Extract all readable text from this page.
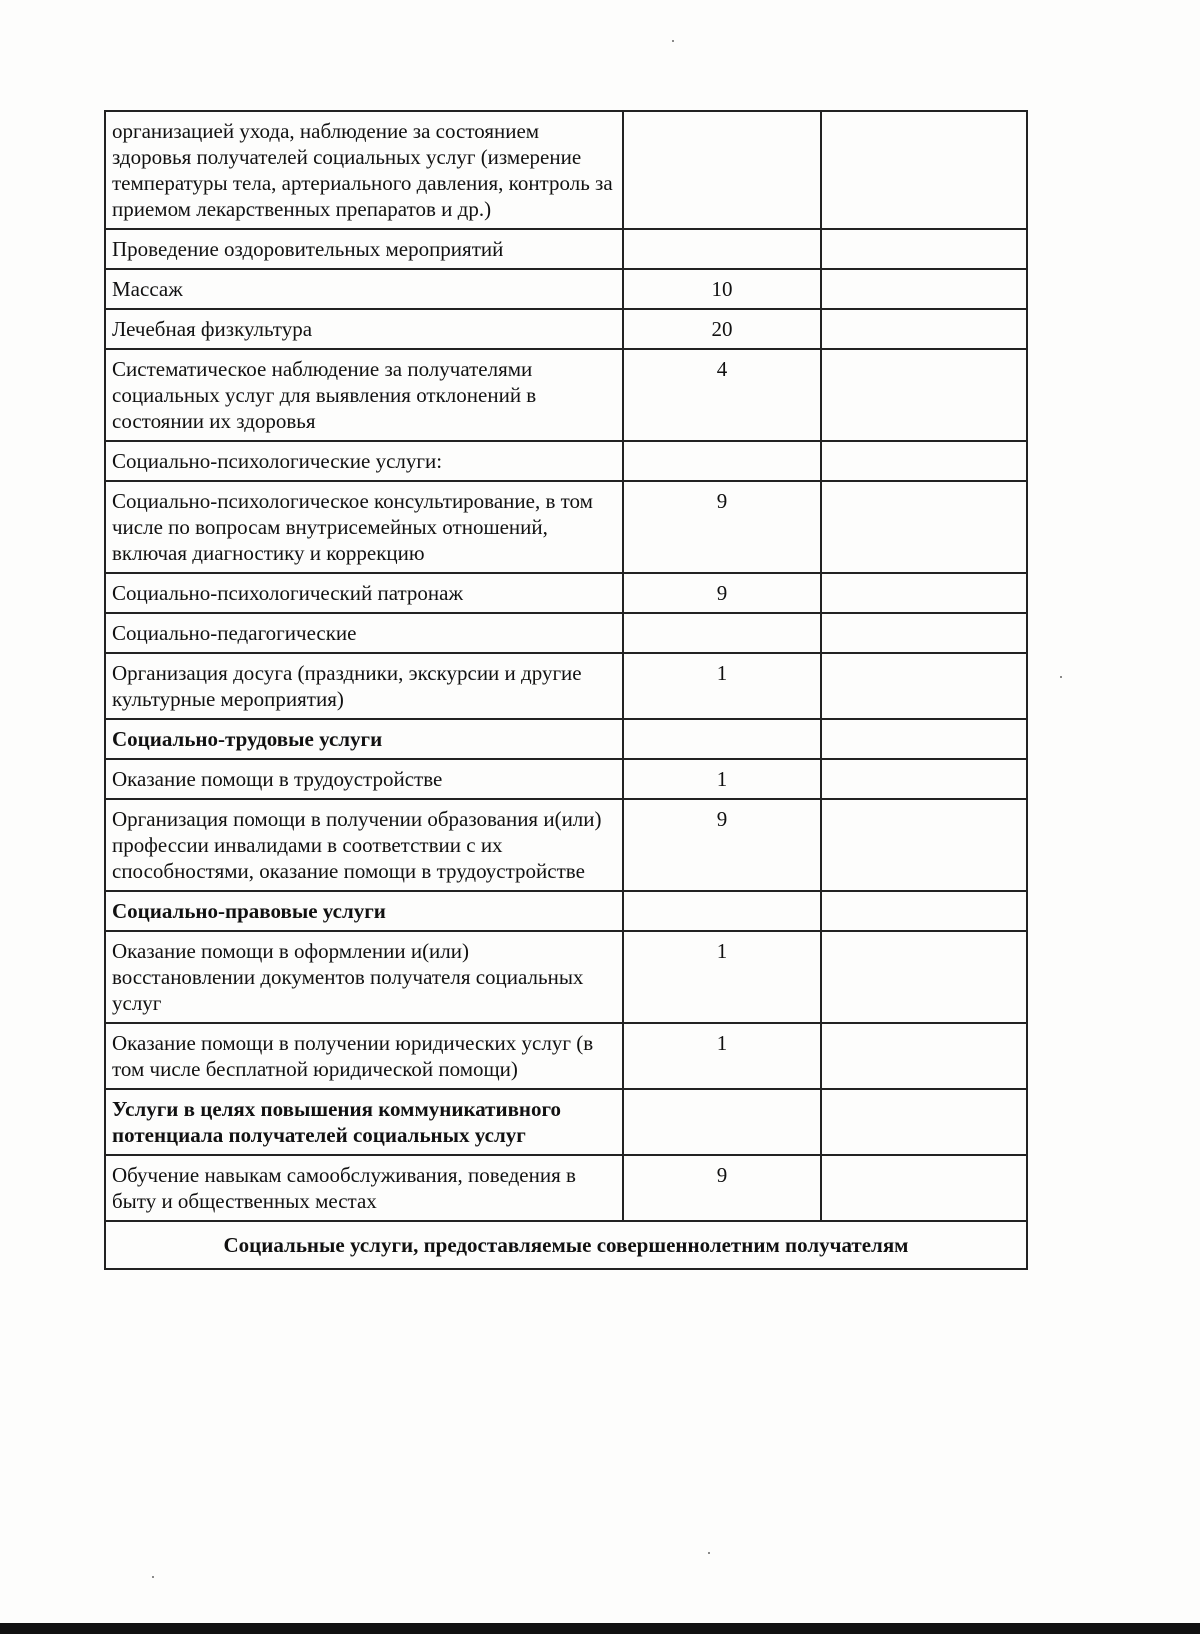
организацией ухода, наблюдение за состоянием здоровья получателей социальных услуг (измерение температуры тела, артериального давления, контроль за приемом лекарственных препаратов и др.)		
Проведение оздоровительных мероприятий		
Массаж	10	
Лечебная физкультура	20	
Систематическое наблюдение за получателями социальных услуг для выявления отклонений в состоянии их здоровья	4	
Социально-психологические услуги:		
Социально-психологическое консультирование, в том числе по вопросам внутрисемейных отношений, включая диагностику и коррекцию	9	
Социально-психологический патронаж	9	
Социально-педагогические		
Организация досуга (праздники, экскурсии и другие культурные мероприятия)	1	
Социально-трудовые услуги		
Оказание помощи в трудоустройстве	1	
Организация помощи в получении образования и(или) профессии инвалидами в соответствии с их способностями, оказание помощи в трудоустройстве	9	
Социально-правовые услуги		
Оказание помощи в оформлении и(или) восстановлении документов получателя социальных услуг	1	
Оказание помощи в получении юридических услуг (в том числе бесплатной юридической помощи)	1	
Услуги в целях повышения коммуникативного потенциала получателей социальных услуг		
Обучение навыкам самообслуживания, поведения в быту и общественных местах	9	
Социальные услуги, предоставляемые совершеннолетним получателям		
